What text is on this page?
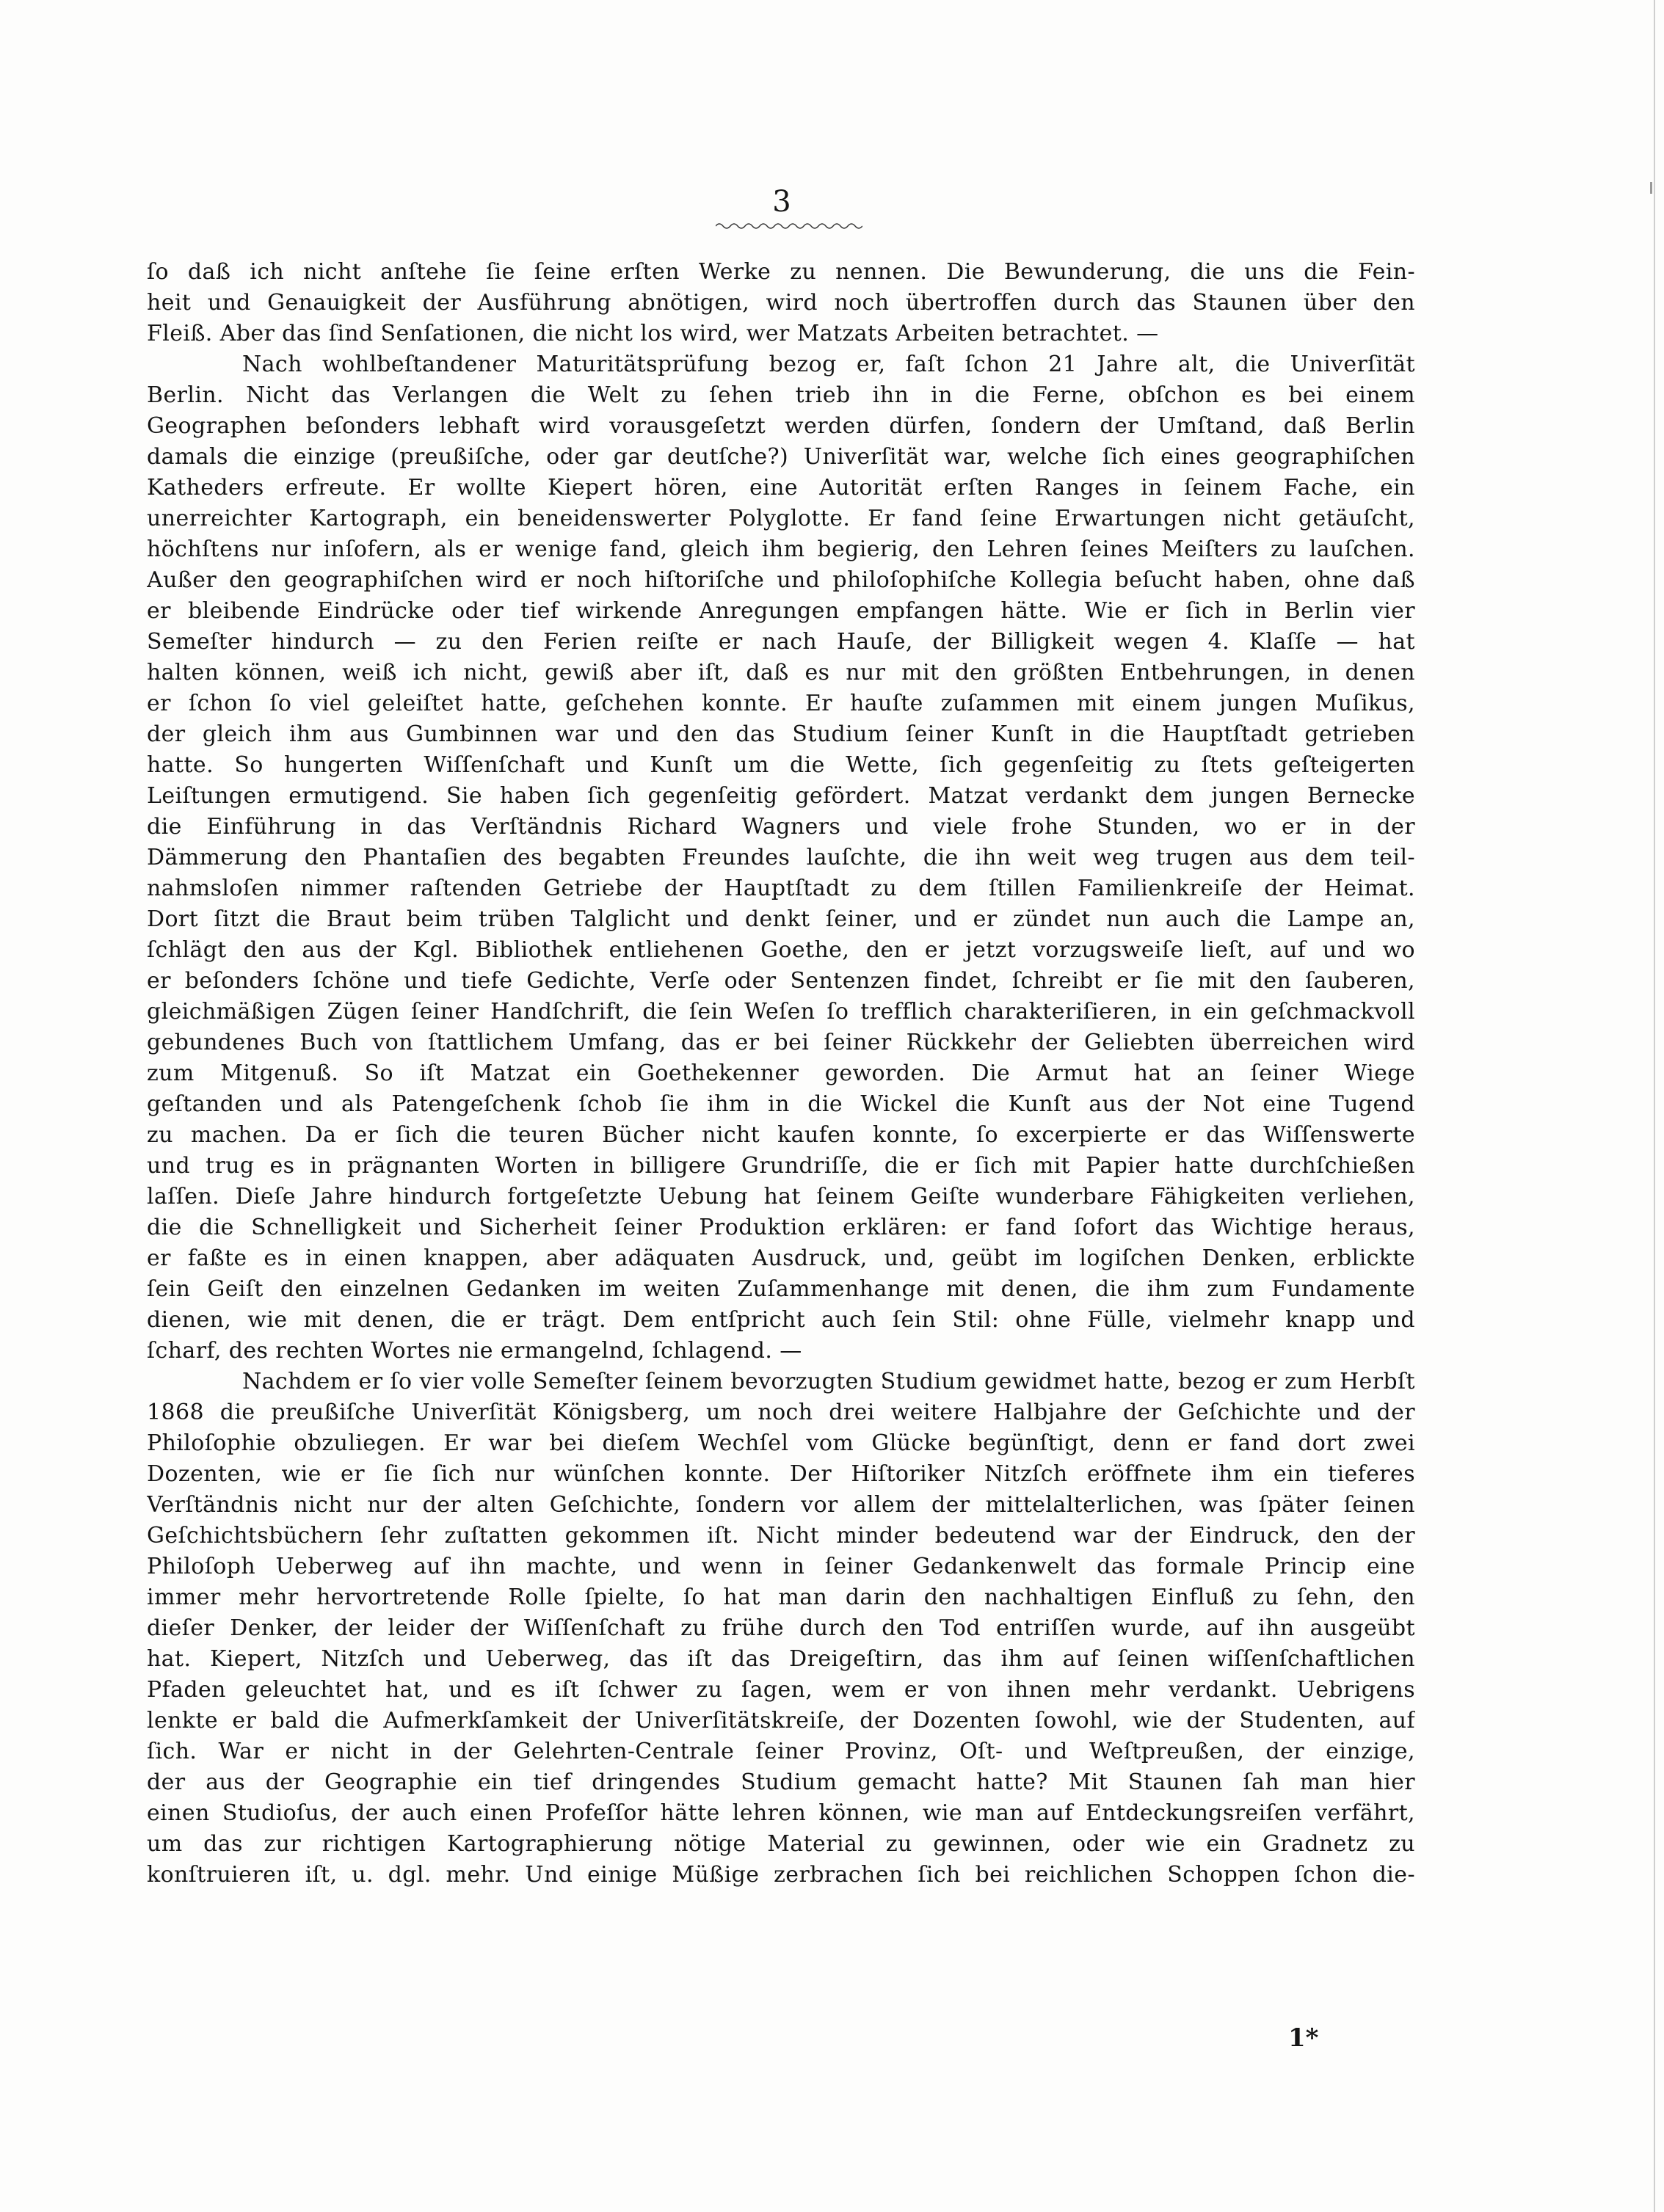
3
ſo daß ich nicht anſtehe ſie ſeine erſten Werke zu nennen. Die Bewunderung, die uns die Fein-
heit und Genauigkeit der Ausführung abnötigen, wird noch übertroffen durch das Staunen über den
Fleiß. Aber das ſind Senſationen, die nicht los wird, wer Matzats Arbeiten betrachtet. —
Nach wohlbeſtandener Maturitätsprüfung bezog er, faſt ſchon 21 Jahre alt, die Univerſität
Berlin. Nicht das Verlangen die Welt zu ſehen trieb ihn in die Ferne, obſchon es bei einem
Geographen beſonders lebhaft wird vorausgeſetzt werden dürfen, ſondern der Umſtand, daß Berlin
damals die einzige (preußiſche, oder gar deutſche?) Univerſität war, welche ſich eines geographiſchen
Katheders erfreute. Er wollte Kiepert hören, eine Autorität erſten Ranges in ſeinem Fache, ein
unerreichter Kartograph, ein beneidenswerter Polyglotte. Er fand ſeine Erwartungen nicht getäuſcht,
höchſtens nur inſofern, als er wenige fand, gleich ihm begierig, den Lehren ſeines Meiſters zu lauſchen.
Außer den geographiſchen wird er noch hiſtoriſche und philoſophiſche Kollegia beſucht haben, ohne daß
er bleibende Eindrücke oder tief wirkende Anregungen empfangen hätte. Wie er ſich in Berlin vier
Semeſter hindurch — zu den Ferien reiſte er nach Hauſe, der Billigkeit wegen 4. Klaſſe — hat
halten können, weiß ich nicht, gewiß aber iſt, daß es nur mit den größten Entbehrungen, in denen
er ſchon ſo viel geleiſtet hatte, geſchehen konnte. Er hauſte zuſammen mit einem jungen Muſikus,
der gleich ihm aus Gumbinnen war und den das Studium ſeiner Kunſt in die Hauptſtadt getrieben
hatte. So hungerten Wiſſenſchaft und Kunſt um die Wette, ſich gegenſeitig zu ſtets geſteigerten
Leiſtungen ermutigend. Sie haben ſich gegenſeitig gefördert. Matzat verdankt dem jungen Bernecke
die Einführung in das Verſtändnis Richard Wagners und viele frohe Stunden, wo er in der
Dämmerung den Phantaſien des begabten Freundes lauſchte, die ihn weit weg trugen aus dem teil-
nahmsloſen nimmer raſtenden Getriebe der Hauptſtadt zu dem ſtillen Familienkreiſe der Heimat.
Dort ſitzt die Braut beim trüben Talglicht und denkt ſeiner, und er zündet nun auch die Lampe an,
ſchlägt den aus der Kgl. Bibliothek entliehenen Goethe, den er jetzt vorzugsweiſe lieſt, auf und wo
er beſonders ſchöne und tiefe Gedichte, Verſe oder Sentenzen findet, ſchreibt er ſie mit den ſauberen,
gleichmäßigen Zügen ſeiner Handſchrift, die ſein Weſen ſo trefflich charakteriſieren, in ein geſchmackvoll
gebundenes Buch von ſtattlichem Umfang, das er bei ſeiner Rückkehr der Geliebten überreichen wird
zum Mitgenuß. So iſt Matzat ein Goethekenner geworden. Die Armut hat an ſeiner Wiege
geſtanden und als Patengeſchenk ſchob ſie ihm in die Wickel die Kunſt aus der Not eine Tugend
zu machen. Da er ſich die teuren Bücher nicht kaufen konnte, ſo excerpierte er das Wiſſenswerte
und trug es in prägnanten Worten in billigere Grundriſſe, die er ſich mit Papier hatte durchſchießen
laſſen. Dieſe Jahre hindurch fortgeſetzte Uebung hat ſeinem Geiſte wunderbare Fähigkeiten verliehen,
die die Schnelligkeit und Sicherheit ſeiner Produktion erklären: er fand ſofort das Wichtige heraus,
er faßte es in einen knappen, aber adäquaten Ausdruck, und, geübt im logiſchen Denken, erblickte
ſein Geiſt den einzelnen Gedanken im weiten Zuſammenhange mit denen, die ihm zum Fundamente
dienen, wie mit denen, die er trägt. Dem entſpricht auch ſein Stil: ohne Fülle, vielmehr knapp und
ſcharf, des rechten Wortes nie ermangelnd, ſchlagend. —
Nachdem er ſo vier volle Semeſter ſeinem bevorzugten Studium gewidmet hatte, bezog er zum Herbſt
1868 die preußiſche Univerſität Königsberg, um noch drei weitere Halbjahre der Geſchichte und der
Philoſophie obzuliegen. Er war bei dieſem Wechſel vom Glücke begünſtigt, denn er fand dort zwei
Dozenten, wie er ſie ſich nur wünſchen konnte. Der Hiſtoriker Nitzſch eröffnete ihm ein tieferes
Verſtändnis nicht nur der alten Geſchichte, ſondern vor allem der mittelalterlichen, was ſpäter ſeinen
Geſchichtsbüchern ſehr zuſtatten gekommen iſt. Nicht minder bedeutend war der Eindruck, den der
Philoſoph Ueberweg auf ihn machte, und wenn in ſeiner Gedankenwelt das formale Princip eine
immer mehr hervortretende Rolle ſpielte, ſo hat man darin den nachhaltigen Einfluß zu ſehn, den
dieſer Denker, der leider der Wiſſenſchaft zu frühe durch den Tod entriſſen wurde, auf ihn ausgeübt
hat. Kiepert, Nitzſch und Ueberweg, das iſt das Dreigeſtirn, das ihm auf ſeinen wiſſenſchaftlichen
Pfaden geleuchtet hat, und es iſt ſchwer zu ſagen, wem er von ihnen mehr verdankt. Uebrigens
lenkte er bald die Aufmerkſamkeit der Univerſitätskreiſe, der Dozenten ſowohl, wie der Studenten, auf
ſich. War er nicht in der Gelehrten-Centrale ſeiner Provinz, Oſt- und Weſtpreußen, der einzige,
der aus der Geographie ein tief dringendes Studium gemacht hatte? Mit Staunen ſah man hier
einen Studioſus, der auch einen Profeſſor hätte lehren können, wie man auf Entdeckungsreiſen verfährt,
um das zur richtigen Kartographierung nötige Material zu gewinnen, oder wie ein Gradnetz zu
konſtruieren iſt, u. dgl. mehr. Und einige Müßige zerbrachen ſich bei reichlichen Schoppen ſchon die-
1*
